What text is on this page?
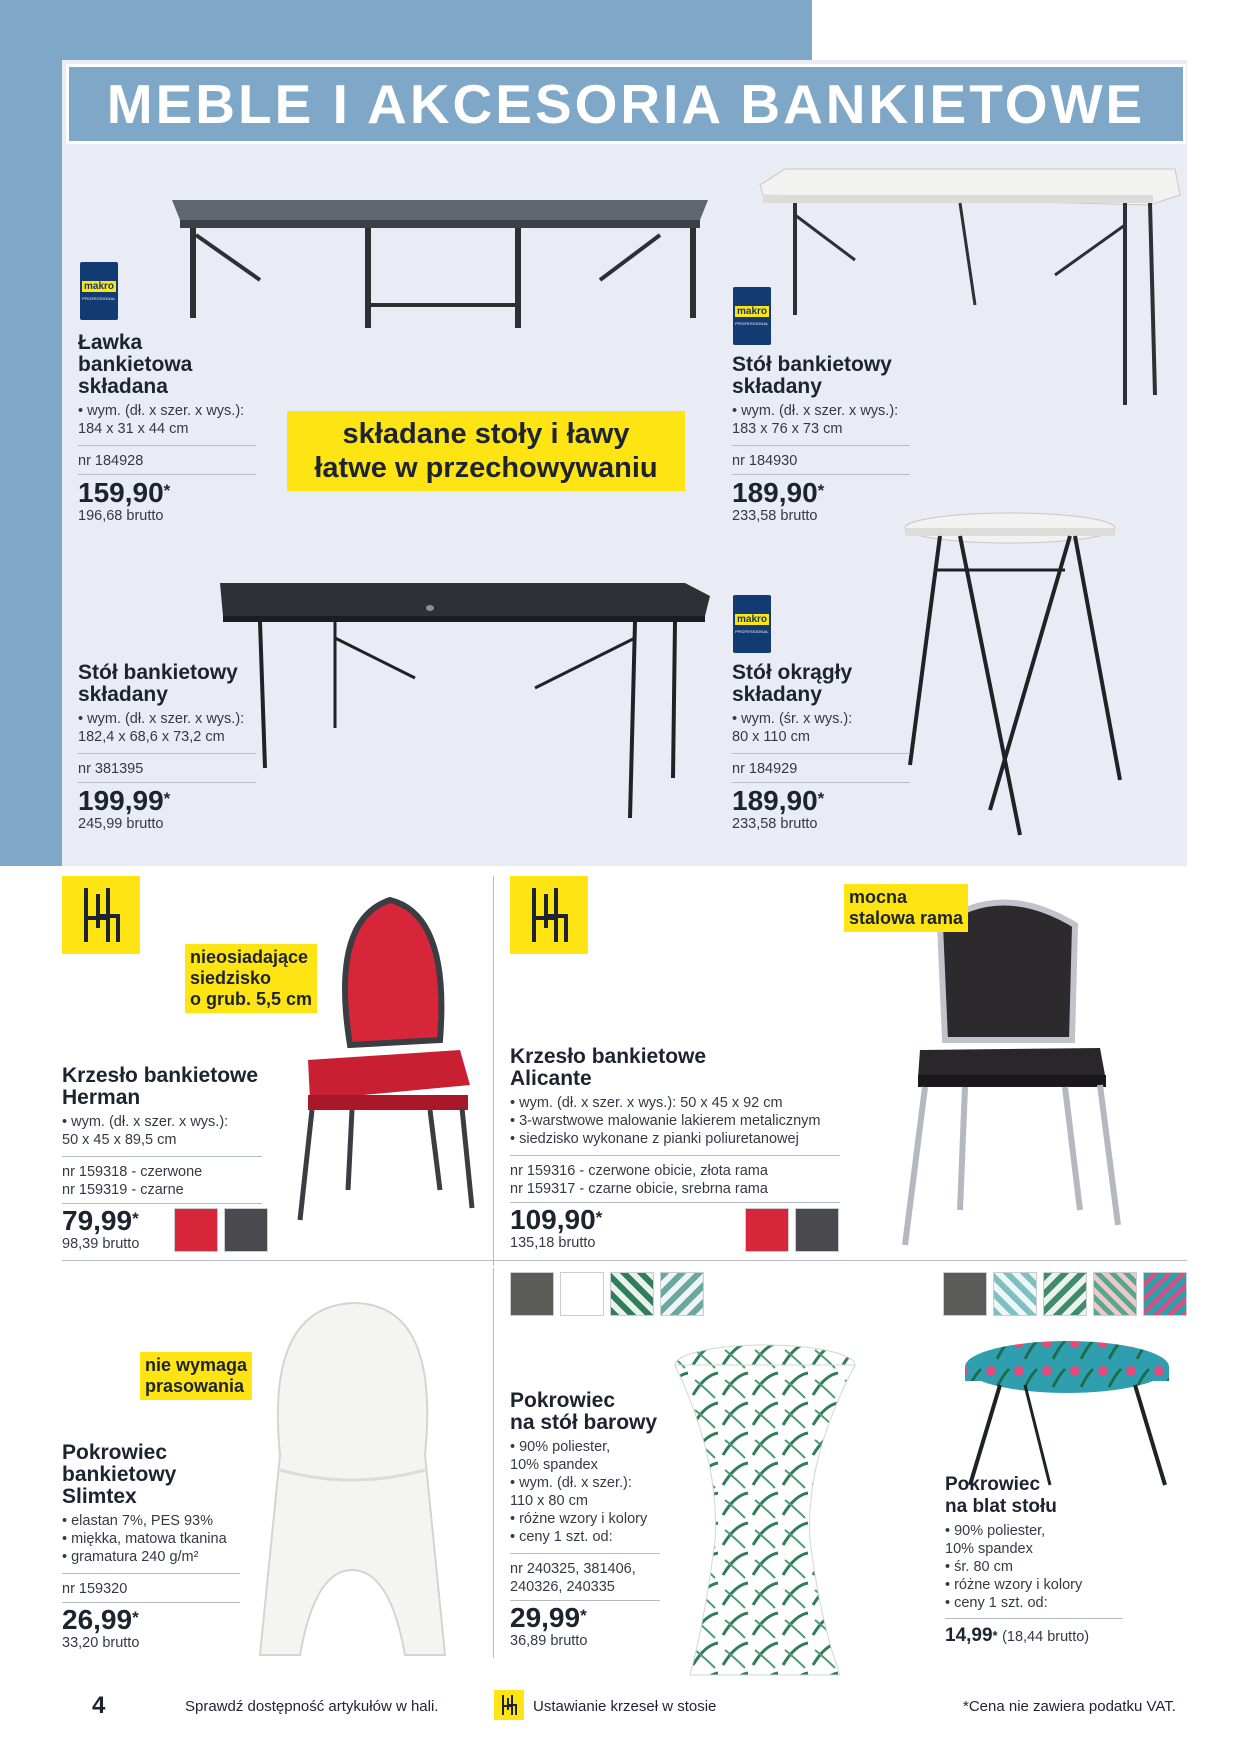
MEBLE I AKCESORIA BANKIETOWE
makro
PROFESSIONAL
Ławka
bankietowa
składana
• wym. (dł. x szer. x wys.):
184 x 31 x 44 cm
nr 184928
159,90*
196,68 brutto
makro
PROFESSIONAL
Stół bankietowy
składany
• wym. (dł. x szer. x wys.):
183 x 76 x 73 cm
nr 184930
189,90*
233,58 brutto
składane stoły i ławy
łatwe w przechowywaniu
Stół bankietowy
składany
• wym. (dł. x szer. x wys.):
182,4 x 68,6 x 73,2 cm
nr 381395
199,99*
245,99 brutto
makro
PROFESSIONAL
Stół okrągły
składany
• wym. (śr. x wys.):
80 x 110 cm
nr 184929
189,90*
233,58 brutto
nieosiadające
siedzisko
o grub. 5,5 cm
Krzesło bankietowe
Herman
• wym. (dł. x szer. x wys.):
50 x 45 x 89,5 cm
nr 159318 - czerwone
nr 159319 - czarne
79,99*
98,39 brutto
mocna
stalowa rama
Krzesło bankietowe
Alicante
• wym. (dł. x szer. x wys.): 50 x 45 x 92 cm
• 3-warstwowe malowanie lakierem metalicznym
• siedzisko wykonane z pianki poliuretanowej
nr 159316 - czerwone obicie, złota rama
nr 159317 - czarne obicie, srebrna rama
109,90*
135,18 brutto
nie wymaga
prasowania
Pokrowiec
bankietowy
Slimtex
• elastan 7%, PES 93%
• miękka, matowa tkanina
• gramatura 240 g/m²
nr 159320
26,99*
33,20 brutto
Pokrowiec
na stół barowy
• 90% poliester,
10% spandex
• wym. (dł. x szer.):
110 x 80 cm
• różne wzory i kolory
• ceny 1 szt. od:
nr 240325, 381406,
240326, 240335
29,99*
36,89 brutto
Pokrowiec
na blat stołu
• 90% poliester,
10% spandex
• śr. 80 cm
• różne wzory i kolory
• ceny 1 szt. od:
14,99* (18,44 brutto)
4	Sprawdź dostępność artykułów w hali.	Ustawianie krzeseł w stosie	*Cena nie zawiera podatku VAT.
